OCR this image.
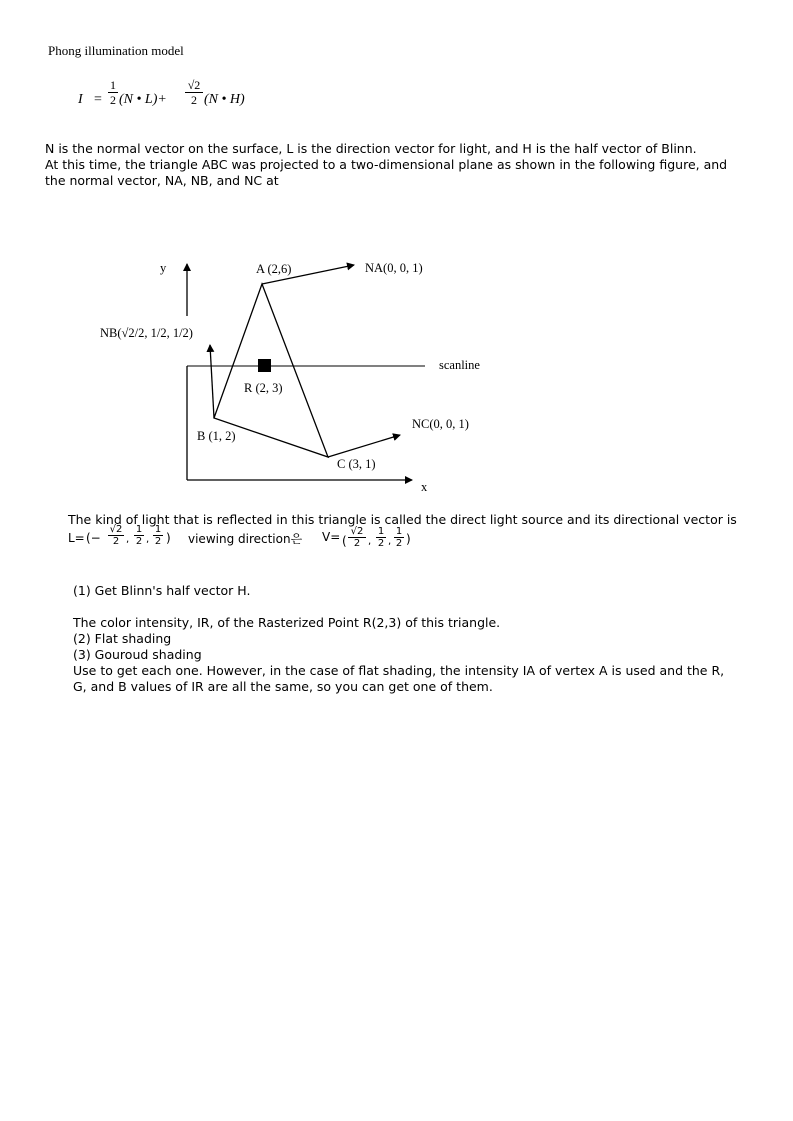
Phong illumination model
I =
1
2 (N • L)+
√2
2 (N • H)
N is the normal vector on the surface, L is the direction vector for light, and H is the half vector of Blinn.
At this time, the triangle ABC was projected to a two-dimensional plane as shown in the following figure, and
the normal vector, NA, NB, and NC at
y	A (2,6)	NA(0, 0, 1)
NB(√2/2, 1/2, 1/2)
scanline
R (2, 3)
NC(0, 0, 1)
B (1, 2)
C (3, 1)
x
The kind of light that is reflected in this triangle is called the direct light source and its directional vector is
L= (−
√2
2 ,
1
2 ,
1
2 ) viewing direction은 V= (
√2
2 ,
1
2 ,
1
2 )

(1) Get Blinn's half vector H.

The color intensity, IR, of the Rasterized Point R(2,3) of this triangle.

(2) Flat shading

(3) Gouroud shading

Use to get each one. However, in the case of flat shading, the intensity IA of vertex A is used and the R,

G, and B values of IR are all the same, so you can get one of them.
